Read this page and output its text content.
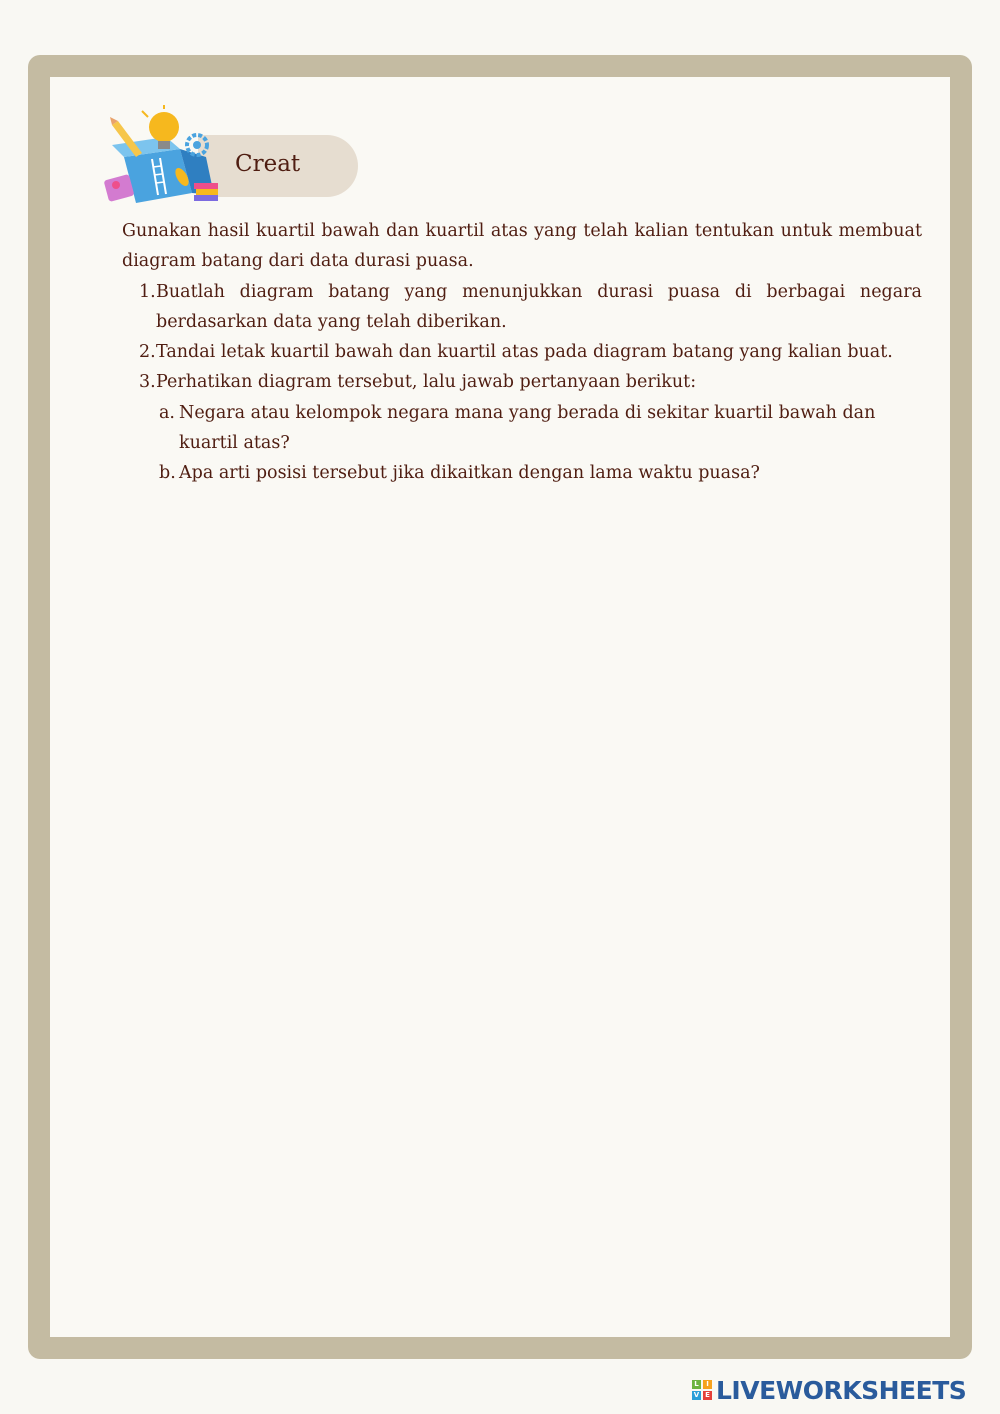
Creat

Gunakan hasil kuartil bawah dan kuartil atas yang telah kalian tentukan untuk membuat diagram batang dari data durasi puasa.

1. Buatlah diagram batang yang menunjukkan durasi puasa di berbagai negara berdasarkan data yang telah diberikan.
2. Tandai letak kuartil bawah dan kuartil atas pada diagram batang yang kalian buat.
3. Perhatikan diagram tersebut, lalu jawab pertanyaan berikut:
a. Negara atau kelompok negara mana yang berada di sekitar kuartil bawah dan kuartil atas?
b. Apa arti posisi tersebut jika dikaitkan dengan lama waktu puasa?
L	I
V E LIVEWORKSHEETS
